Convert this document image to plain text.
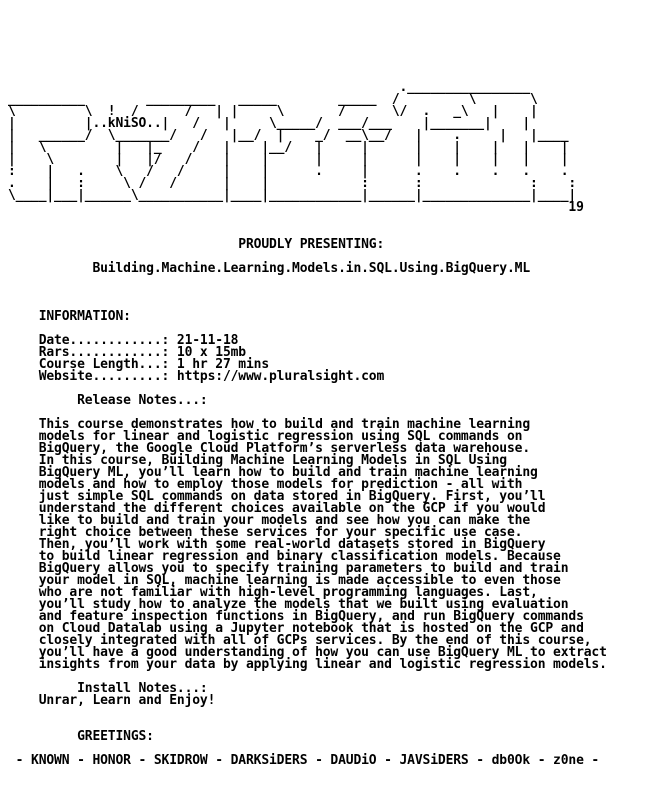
.________________
__________        _________   _____        _____  /         \       \
\         \  !  /      /   | |     \       /      \/  .   _\   |    |
|         |..kNiSO..|   /   |     \_____/  ___/___    |_______|    |
|   ______/  \_______/   /   |__/  |    _/  __\__/   |    .     |   |____
|   \         |   |_    /   |    |__/   |     |      |    |    |   |    |
|    \        |   |/   /    |    |      |     |      |    |    |   |    |
:    |   .    \   /   /     |    |      .     |      .    .    .   .    .
.    |   :     \ /   /      |    |            :      :              :    :
\____|___|______\___________|____|____________|______|______________|____|
19
PROUDLY PRESENTING:

Building.Machine.Learning.Models.in.SQL.Using.BigQuery.ML

INFORMATION:

Date............: 21-11-18
Rars............: 10 x 15mb
Course Length...: 1 hr 27 mins
Website.........: https://www.pluralsight.com

Release Notes...:

This course demonstrates how to build and train machine learning
models for linear and logistic regression using SQL commands on
BigQuery, the Google Cloud Platform’s serverless data warehouse.
In this course, Building Machine Learning Models in SQL Using
BigQuery ML, you’ll learn how to build and train machine learning
models and how to employ those models for prediction - all with
just simple SQL commands on data stored in BigQuery. First, you’ll
understand the different choices available on the GCP if you would
like to build and train your models and see how you can make the
right choice between these services for your specific use case.
Then, you’ll work with some real-world datasets stored in BigQuery
to build linear regression and binary classification models. Because
BigQuery allows you to specify training parameters to build and train
your model in SQL, machine learning is made accessible to even those
who are not familiar with high-level programming languages. Last,
you’ll study how to analyze the models that we built using evaluation
and feature inspection functions in BigQuery, and run BigQuery commands
on Cloud Datalab using a Jupyter notebook that is hosted on the GCP and
closely integrated with all of GCPs services. By the end of this course,
you’ll have a good understanding of how you can use BigQuery ML to extract
insights from your data by applying linear and logistic regression models.

Install Notes...:
Unrar, Learn and Enjoy!

GREETINGS:

- KNOWN - HONOR - SKIDROW - DARKSiDERS - DAUDiO - JAVSiDERS - db0Ok - z0ne -
